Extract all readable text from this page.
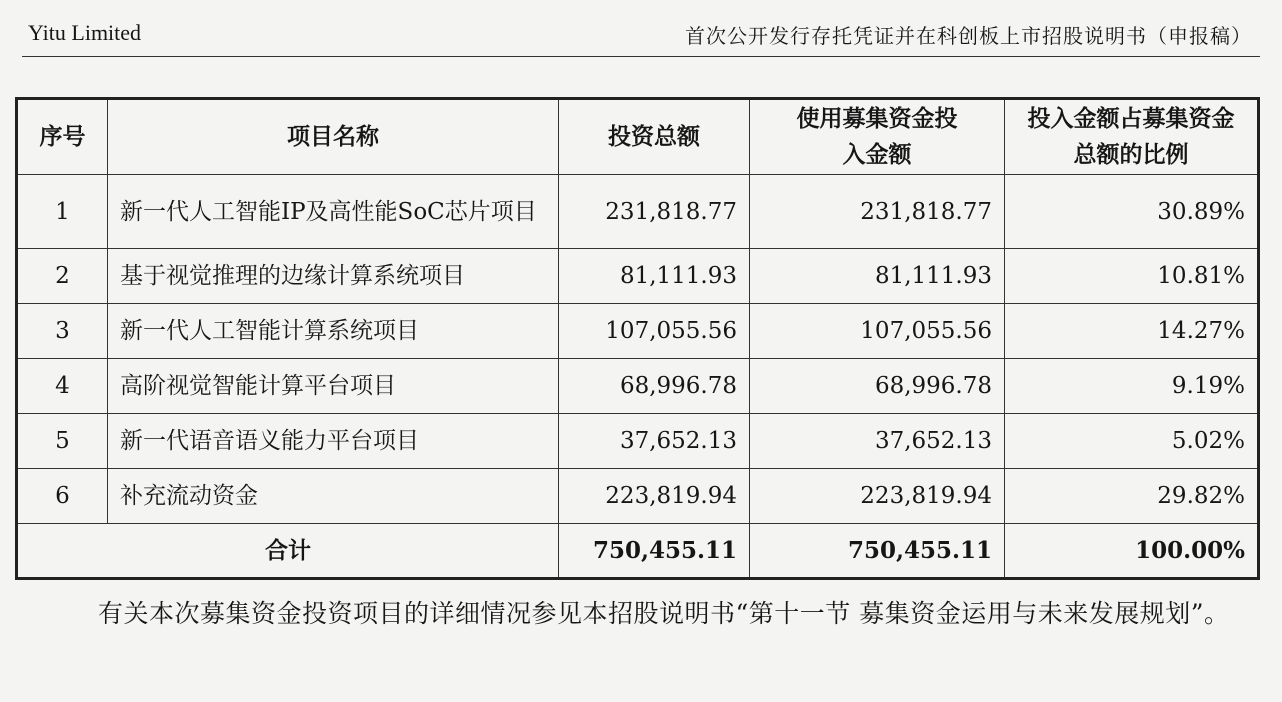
Yitu Limited	首次公开发行存托凭证并在科创板上市招股说明书（申报稿）
序号	项目名称	投资总额	使用募集资金投入金额	投入金额占募集资金总额的比例
1	新一代人工智能IP及高性能SoC芯片项目	231,818.77	231,818.77	30.89%
2	基于视觉推理的边缘计算系统项目	81,111.93	81,111.93	10.81%
3	新一代人工智能计算系统项目	107,055.56	107,055.56	14.27%
4	高阶视觉智能计算平台项目	68,996.78	68,996.78	9.19%
5	新一代语音语义能力平台项目	37,652.13	37,652.13	5.02%
6	补充流动资金	223,819.94	223,819.94	29.82%
合计		750,455.11	750,455.11	100.00%

有关本次募集资金投资项目的详细情况参见本招股说明书“第十一节 募集资金运用与未来发展规划”。
